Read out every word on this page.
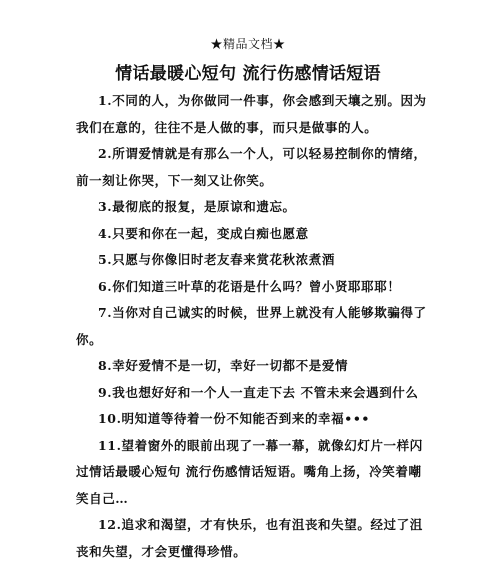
★精品文档★
情话最暖心短句 流行伤感情话短语

1.不同的人，为你做同一件事，你会感到天壤之别。因为我们在意的，往往不是人做的事，而只是做事的人。

2.所谓爱情就是有那么一个人，可以轻易控制你的情绪，前一刻让你哭，下一刻又让你笑。

3.最彻底的报复，是原谅和遗忘。

4.只要和你在一起，变成白痴也愿意

5.只愿与你像旧时老友春来赏花秋浓煮酒

6.你们知道三叶草的花语是什么吗？曾小贤耶耶耶！

7.当你对自己诚实的时候，世界上就没有人能够欺骗得了你。

8.幸好爱情不是一切，幸好一切都不是爱情

9.我也想好好和一个人一直走下去 不管未来会遇到什么

10.明知道等待着一份不知能否到来的幸福•••

11.望着窗外的眼前出现了一幕一幕，就像幻灯片一样闪过情话最暖心短句 流行伤感情话短语。嘴角上扬，冷笑着嘲笑自己…

12.追求和渴望，才有快乐，也有沮丧和失望。经过了沮丧和失望，才会更懂得珍惜。
